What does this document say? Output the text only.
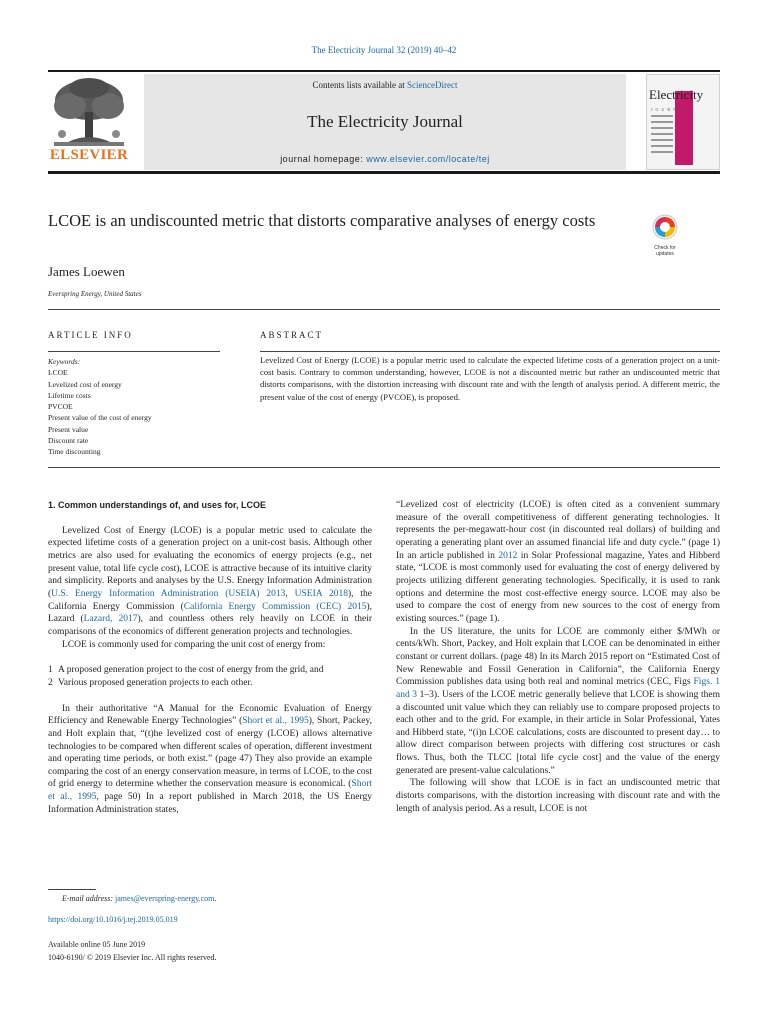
The Electricity Journal 32 (2019) 40–42
ELSEVIER
Contents lists available at ScienceDirect
The Electricity Journal
journal homepage: www.elsevier.com/locate/tej
Electricity
JOURNAL
LCOE is an undiscounted metric that distorts comparative analyses of energy costs
Check for
updates
James Loewen
Everspring Energy, United States
ARTICLE INFO	ABSTRACT
Keywords:
LCOE
Levelized cost of energy
Lifetime costs
PVCOE
Present value of the cost of energy
Present value
Discount rate
Time discounting
Levelized Cost of Energy (LCOE) is a popular metric used to calculate the expected lifetime costs of a generation project on a unit-cost basis. Contrary to common understanding, however, LCOE is not a discounted metric but rather an undiscounted metric that distorts comparisons, with the distortion increasing with discount rate and with the length of analysis period. A different metric, the present value of the cost of energy (PVCOE), is proposed.

1. Common understandings of, and uses for, LCOE

Levelized Cost of Energy (LCOE) is a popular metric used to calculate the expected lifetime costs of a generation project on a unit-cost basis. Although other metrics are also used for evaluating the economics of energy projects (e.g., net present value, total life cycle cost), LCOE is attractive because of its intuitive clarity and simplicity. Reports and analyses by the U.S. Energy Information Administration (U.S. Energy Information Administration (USEIA) 2013, USEIA 2018), the California Energy Commission (California Energy Commission (CEC) 2015), Lazard (Lazard, 2017), and countless others rely heavily on LCOE in their comparisons of the economics of different generation projects and technologies.

LCOE is commonly used for comparing the unit cost of energy from:

1 A proposed generation project to the cost of energy from the grid, and
2 Various proposed generation projects to each other.

In their authoritative “A Manual for the Economic Evaluation of Energy Efficiency and Renewable Energy Technologies” (Short et al., 1995), Short, Packey, and Holt explain that, “(t)he levelized cost of energy (LCOE) allows alternative technologies to be compared when different scales of operation, different investment and operating time periods, or both exist.” (page 47) They also provide an example comparing the cost of an energy conservation measure, in terms of LCOE, to the cost of grid energy to determine whether the conservation measure is economical. (Short et al., 1995, page 50) In a report published in March 2018, the US Energy Information Administration states,

“Levelized cost of electricity (LCOE) is often cited as a convenient summary measure of the overall competitiveness of different generating technologies. It represents the per-megawatt-hour cost (in discounted real dollars) of building and operating a generating plant over an assumed financial life and duty cycle.” (page 1) In an article published in 2012 in Solar Professional magazine, Yates and Hibberd state, “LCOE is most commonly used for evaluating the cost of energy delivered by projects utilizing different generating technologies. Specifically, it is used to rank options and determine the most cost-effective energy source. LCOE may also be used to compare the cost of energy from new sources to the cost of energy from existing sources.” (page 1).

In the US literature, the units for LCOE are commonly either $/MWh or cents/kWh. Short, Packey, and Holt explain that LCOE can be denominated in either constant or current dollars. (page 48) In its March 2015 report on “Estimated Cost of New Renewable and Fossil Generation in California”, the California Energy Commission publishes data using both real and nominal metrics (CEC, Figs Figs. 1 and 3 1–3). Users of the LCOE metric generally believe that LCOE is showing them a discounted unit value which they can reliably use to compare proposed projects to each other and to the grid. For example, in their article in Solar Professional, Yates and Hibberd state, “(i)n LCOE calculations, costs are discounted to present day… to allow direct comparison between projects with differing cost structures or cash flows. Thus, both the TLCC [total life cycle cost] and the value of the energy generated are present-value calculations.”

The following will show that LCOE is in fact an undiscounted metric that distorts comparisons, with the distortion increasing with discount rate and with the length of analysis period. As a result, LCOE is not

E-mail address: james@everspring-energy.com.
https://doi.org/10.1016/j.tej.2019.05.019
Available online 05 June 2019
1040-6190/ © 2019 Elsevier Inc. All rights reserved.
